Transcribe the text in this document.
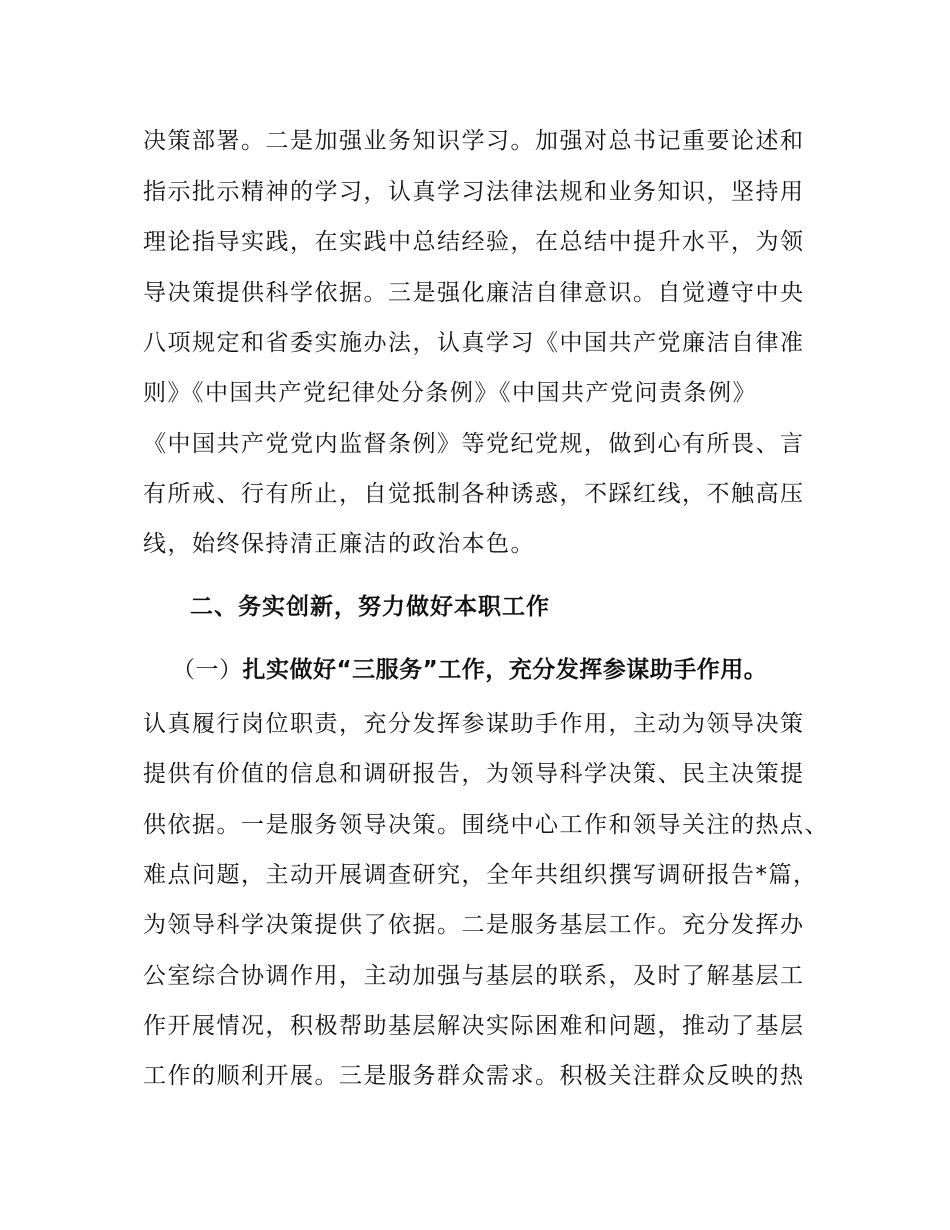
决策部署。二是加强业务知识学习。加强对总书记重要论述和
指示批示精神的学习，认真学习法律法规和业务知识，坚持用
理论指导实践，在实践中总结经验，在总结中提升水平，为领
导决策提供科学依据。三是强化廉洁自律意识。自觉遵守中央
八项规定和省委实施办法，认真学习《中国共产党廉洁自律准
则》《中国共产党纪律处分条例》《中国共产党问责条例》
《中国共产党党内监督条例》等党纪党规，做到心有所畏、言
有所戒、行有所止，自觉抵制各种诱惑，不踩红线，不触高压
线，始终保持清正廉洁的政治本色。
二、务实创新，努力做好本职工作
（一）扎实做好“三服务”工作，充分发挥参谋助手作用。
认真履行岗位职责，充分发挥参谋助手作用，主动为领导决策
提供有价值的信息和调研报告，为领导科学决策、民主决策提
供依据。一是服务领导决策。围绕中心工作和领导关注的热点、
难点问题，主动开展调查研究，全年共组织撰写调研报告*篇，
为领导科学决策提供了依据。二是服务基层工作。充分发挥办
公室综合协调作用，主动加强与基层的联系，及时了解基层工
作开展情况，积极帮助基层解决实际困难和问题，推动了基层
工作的顺利开展。三是服务群众需求。积极关注群众反映的热
